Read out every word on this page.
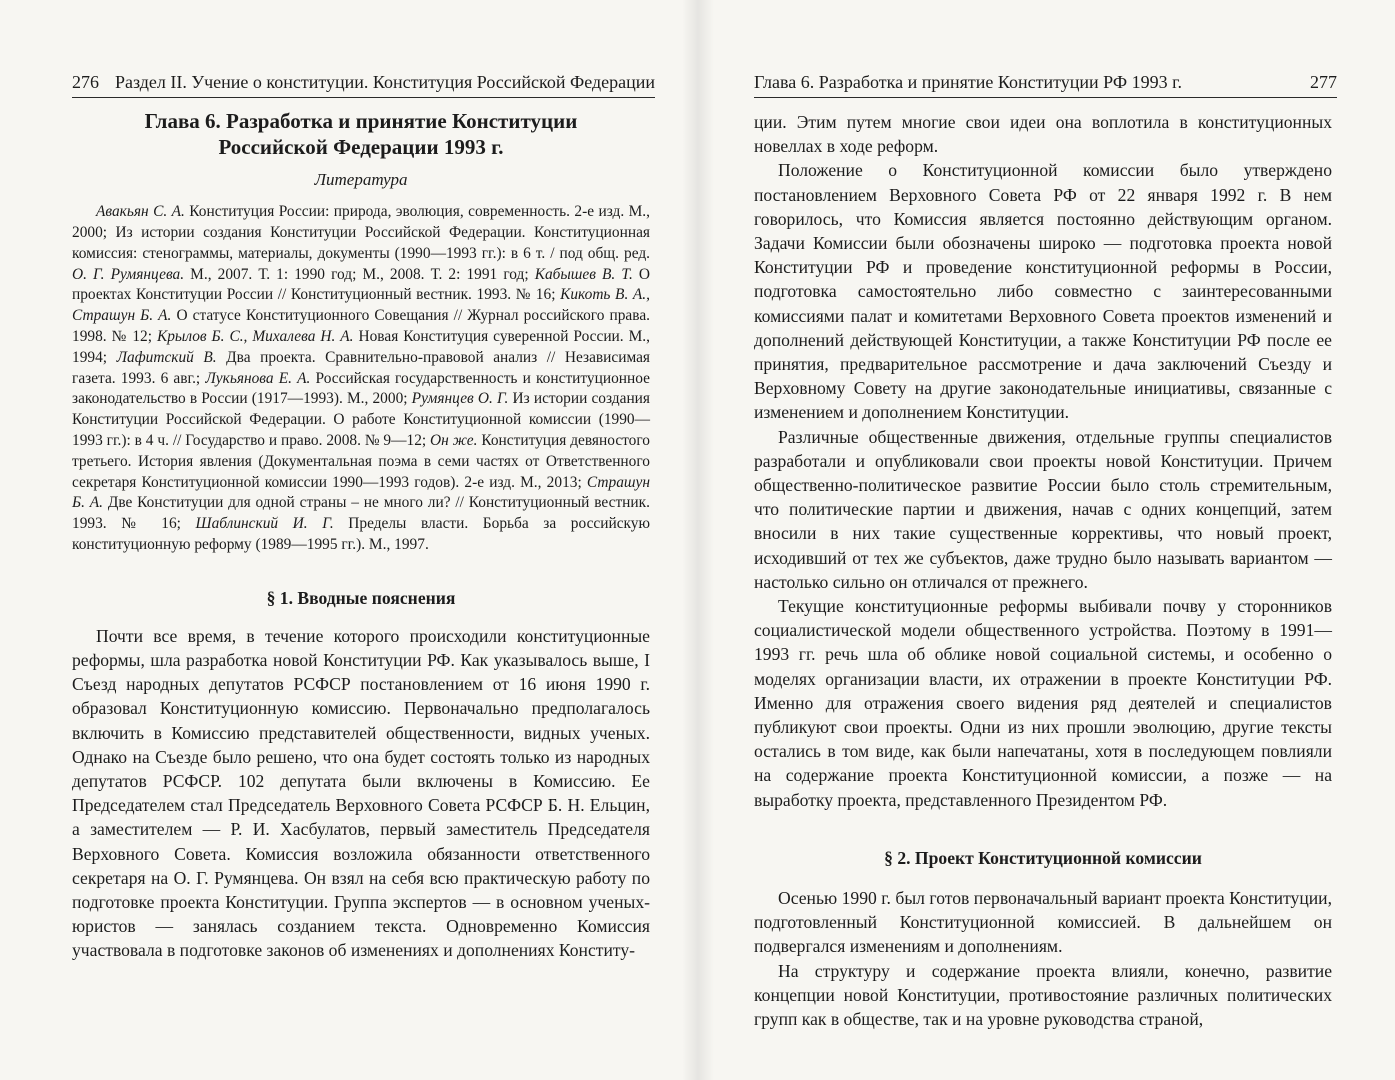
276 Раздел II. Учение о конституции. Конституция Российской Федерации
Глава 6. Разработка и принятие Конституции Российской Федерации 1993 г.
Литература

Авакьян С. А. Конституция России: природа, эволюция, современность. 2-е изд. М., 2000; Из истории создания Конституции Российской Федерации. Конституционная комиссия: стенограммы, материалы, документы (1990—1993 гг.): в 6 т. / под общ. ред. О. Г. Румянцева. М., 2007. Т. 1: 1990 год; М., 2008. Т. 2: 1991 год; Кабышев В. Т. О проектах Конституции России // Конституционный вестник. 1993. № 16; Кикоть В. А., Страшун Б. А. О статусе Конституционного Совещания // Журнал российского права. 1998. № 12; Крылов Б. С., Михалева Н. А. Новая Конституция суверенной России. М., 1994; Лафитский В. Два проекта. Сравнительно-правовой анализ // Независимая газета. 1993. 6 авг.; Лукьянова Е. А. Российская государственность и конституционное законодательство в России (1917—1993). М., 2000; Румянцев О. Г. Из истории создания Конституции Российской Федерации. О работе Конституционной комиссии (1990—1993 гг.): в 4 ч. // Государство и право. 2008. № 9—12; Он же. Конституция девяностого третьего. История явления (Документальная поэма в семи частях от Ответственного секретаря Конституционной комиссии 1990—1993 годов). 2-е изд. М., 2013; Страшун Б. А. Две Конституции для одной страны – не много ли? // Конституционный вестник. 1993. № 16; Шаблинский И. Г. Пределы власти. Борьба за российскую конституционную реформу (1989—1995 гг.). М., 1997.

§ 1. Вводные пояснения

Почти все время, в течение которого происходили конституционные реформы, шла разработка новой Конституции РФ. Как указывалось выше, I Съезд народных депутатов РСФСР постановлением от 16 июня 1990 г. образовал Конституционную комиссию. Первоначально предполагалось включить в Комиссию представителей общественности, видных ученых. Однако на Съезде было решено, что она будет состоять только из народных депутатов РСФСР. 102 депутата были включены в Комиссию. Ее Председателем стал Председатель Верховного Совета РСФСР Б. Н. Ельцин, а заместителем — Р. И. Хасбулатов, первый заместитель Председателя Верховного Совета. Комиссия возложила обязанности ответственного секретаря на О. Г. Румянцева. Он взял на себя всю практическую работу по подготовке проекта Конституции. Группа экспертов — в основном ученых-юристов — занялась созданием текста. Одновременно Комиссия участвовала в подготовке законов об изменениях и дополнениях Конститу-

Глава 6. Разработка и принятие Конституции РФ 1993 г.	277

ции. Этим путем многие свои идеи она воплотила в конституционных новеллах в ходе реформ.

Положение о Конституционной комиссии было утверждено постановлением Верховного Совета РФ от 22 января 1992 г. В нем говорилось, что Комиссия является постоянно действующим органом. Задачи Комиссии были обозначены широко — подготовка проекта новой Конституции РФ и проведение конституционной реформы в России, подготовка самостоятельно либо совместно с заинтересованными комиссиями палат и комитетами Верховного Совета проектов изменений и дополнений действующей Конституции, а также Конституции РФ после ее принятия, предварительное рассмотрение и дача заключений Съезду и Верховному Совету на другие законодательные инициативы, связанные с изменением и дополнением Конституции.

Различные общественные движения, отдельные группы специалистов разработали и опубликовали свои проекты новой Конституции. Причем общественно-политическое развитие России было столь стремительным, что политические партии и движения, начав с одних концепций, затем вносили в них такие существенные коррективы, что новый проект, исходивший от тех же субъектов, даже трудно было называть вариантом — настолько сильно он отличался от прежнего.

Текущие конституционные реформы выбивали почву у сторонников социалистической модели общественного устройства. Поэтому в 1991—1993 гг. речь шла об облике новой социальной системы, и особенно о моделях организации власти, их отражении в проекте Конституции РФ. Именно для отражения своего видения ряд деятелей и специалистов публикуют свои проекты. Одни из них прошли эволюцию, другие тексты остались в том виде, как были напечатаны, хотя в последующем повлияли на содержание проекта Конституционной комиссии, а позже — на выработку проекта, представленного Президентом РФ.

§ 2. Проект Конституционной комиссии

Осенью 1990 г. был готов первоначальный вариант проекта Конституции, подготовленный Конституционной комиссией. В дальнейшем он подвергался изменениям и дополнениям.

На структуру и содержание проекта влияли, конечно, развитие концепции новой Конституции, противостояние различных политических групп как в обществе, так и на уровне руководства страной,
